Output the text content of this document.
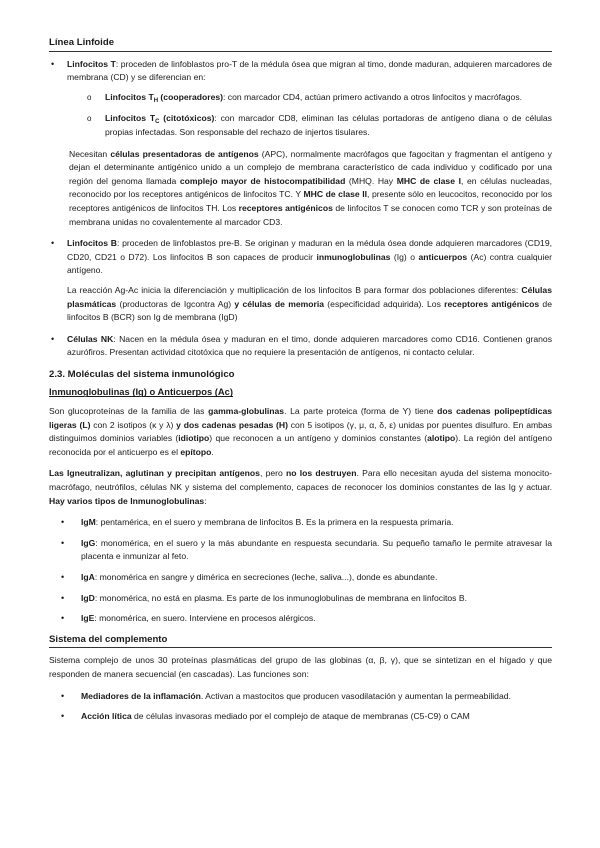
Línea Linfoide
• Linfocitos T: proceden de linfoblastos pro-T de la médula ósea que migran al timo, donde maduran, adquieren marcadores de membrana (CD) y se diferencian en:
o Linfocitos $T_H$ (cooperadores): con marcador CD4, actúan primero activando a otros linfocitos y macrófagos.
o Linfocitos $T_C$ (citotóxicos): con marcador CD8, eliminan las células portadoras de antígeno diana o de células propias infectadas. Son responsable del rechazo de injertos tisulares.

Necesitan células presentadoras de antígenos (APC), normalmente macrófagos que fagocitan y fragmentan el antígeno y dejan el determinante antigénico unido a un complejo de membrana característico de cada individuo y codificado por una región del genoma llamada complejo mayor de histocompatibilidad (MHQ. Hay MHC de clase I, en células nucleadas, reconocido por los receptores antigénicos de linfocitos TC. Y MHC de clase II, presente sólo en leucocitos, reconocido por los receptores antigénicos de linfocitos TH. Los receptores antigénicos de linfocitos T se conocen como TCR y son proteínas de membrana unidas no covalentemente al marcador CD3.

• Linfocitos B: proceden de linfoblastos pre-B. Se originan y maduran en la médula ósea donde adquieren marcadores (CD19, CD20, CD21 o D72). Los linfocitos B son capaces de producir inmunoglobulinas (Ig) o anticuerpos (Ac) contra cualquier antígeno.

La reacción Ag-Ac inicia la diferenciación y multiplicación de los linfocitos B para formar dos poblaciones diferentes: Células plasmáticas (productoras de Igcontra Ag) y células de memoria (especificidad adquirida). Los receptores antigénicos de linfocitos B (BCR) son Ig de membrana (IgD)

• Células NK: Nacen en la médula ósea y maduran en el timo, donde adquieren marcadores como CD16. Contienen granos azurófiros. Presentan actividad citotóxica que no requiere la presentación de antígenos, ni contacto celular.
2.3. Moléculas del sistema inmunológico
Inmunoglobulinas (Ig) o Anticuerpos (Ac)

Son glucoproteínas de la familia de las gamma-globulinas. La parte proteica (forma de Y) tiene dos cadenas polipeptídicas ligeras (L) con 2 isotipos (κ y λ) y dos cadenas pesadas (H) con 5 isotipos (γ, μ, α, δ, ε) unidas por puentes disulfuro. En ambas distinguimos dominios variables (idiotipo) que reconocen a un antígeno y dominios constantes (alotipo). La región del antígeno reconocida por el anticuerpo es el epítopo.

Las Igneutralizan, aglutinan y precipitan antígenos, pero no los destruyen. Para ello necesitan ayuda del sistema monocito-macrófago, neutrófilos, células NK y sistema del complemento, capaces de reconocer los dominios constantes de las Ig y actuar. Hay varios tipos de Inmunoglobulinas:

• IgM: pentamérica, en el suero y membrana de linfocitos B. Es la primera en la respuesta primaria.
• IgG: monomérica, en el suero y la más abundante en respuesta secundaria. Su pequeño tamaño le permite atravesar la placenta e inmunizar al feto.
• IgA: monomérica en sangre y dimérica en secreciones (leche, saliva...), donde es abundante.
• IgD: monomérica, no está en plasma. Es parte de los inmunoglobulinas de membrana en linfocitos B.
• IgE: monomérica, en suero. Interviene en procesos alérgicos.
Sistema del complemento

Sistema complejo de unos 30 proteínas plasmáticas del grupo de las globinas (α, β, γ), que se sintetizan en el hígado y que responden de manera secuencial (en cascadas). Las funciones son:

• Mediadores de la inflamación. Activan a mastocitos que producen vasodilatación y aumentan la permeabilidad.
• Acción lítica de células invasoras mediado por el complejo de ataque de membranas (C5-C9) o CAM
